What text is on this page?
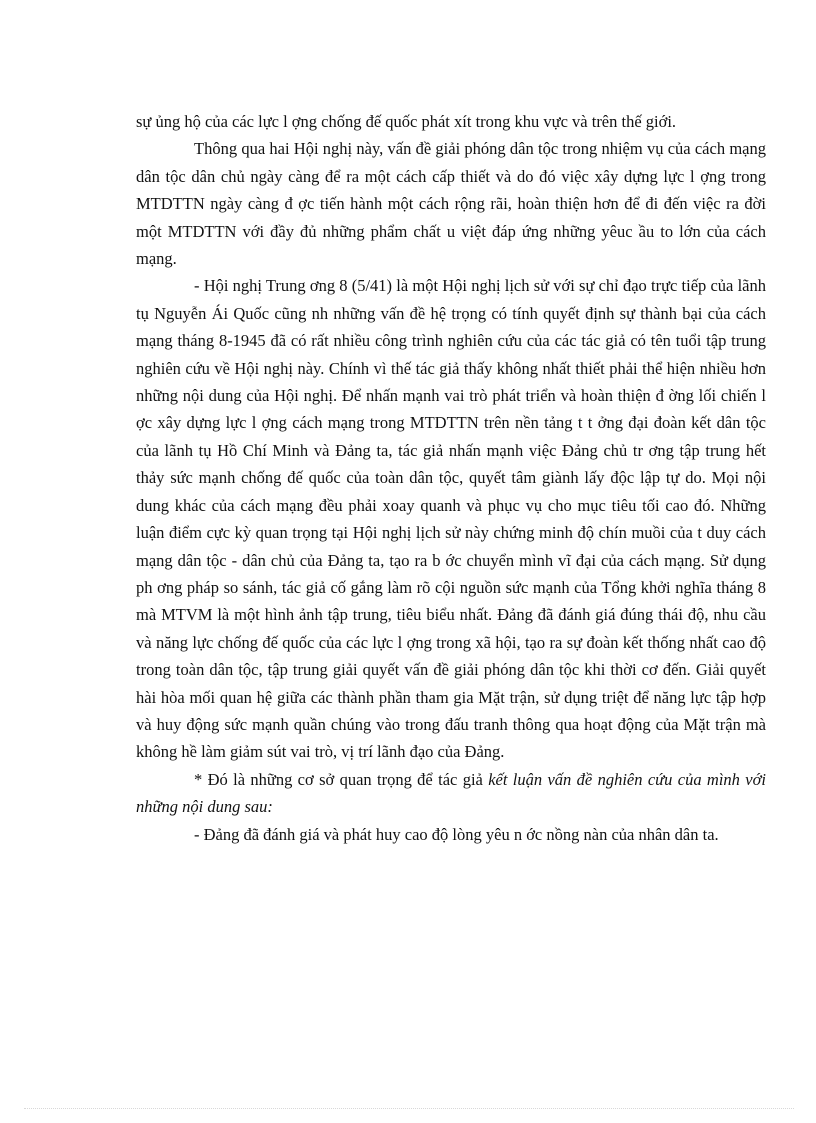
sự ủng hộ của các lực l ợng chống đế quốc phát xít trong khu vực và trên thế giới.

Thông qua hai Hội nghị này, vấn đề giải phóng dân tộc trong nhiệm vụ của cách mạng dân tộc dân chủ ngày càng để ra một cách cấp thiết và do đó việc xây dựng lực l ợng trong MTDTTN ngày càng đ ợc tiến hành một cách rộng rãi, hoàn thiện hơn để đi đến việc ra đời một MTDTTN với đầy đủ những phẩm chất u việt đáp ứng những yêuc ầu to lớn của cách mạng.

- Hội nghị Trung ơng 8 (5/41) là một Hội nghị lịch sử với sự chỉ đạo trực tiếp của lãnh tụ Nguyễn Ái Quốc cũng nh những vấn đề hệ trọng có tính quyết định sự thành bại của cách mạng tháng 8-1945 đã có rất nhiều công trình nghiên cứu của các tác giả có tên tuổi tập trung nghiên cứu về Hội nghị này. Chính vì thế tác giả thấy không nhất thiết phải thể hiện nhiều hơn những nội dung của Hội nghị. Để nhấn mạnh vai trò phát triển và hoàn thiện đ ờng lối chiến l ợc xây dựng lực l ợng cách mạng trong MTDTTN trên nền tảng t t ởng đại đoàn kết dân tộc của lãnh tụ Hồ Chí Minh và Đảng ta, tác giả nhấn mạnh việc Đảng chủ tr ơng tập trung hết thảy sức mạnh chống đế quốc của toàn dân tộc, quyết tâm giành lấy độc lập tự do. Mọi nội dung khác của cách mạng đều phải xoay quanh và phục vụ cho mục tiêu tối cao đó. Những luận điểm cực kỳ quan trọng tại Hội nghị lịch sử này chứng minh độ chín muồi của t duy cách mạng dân tộc - dân chủ của Đảng ta, tạo ra b ớc chuyển mình vĩ đại của cách mạng. Sử dụng ph ơng pháp so sánh, tác giả cố gắng làm rõ cội nguồn sức mạnh của Tổng khởi nghĩa tháng 8 mà MTVM là một hình ảnh tập trung, tiêu biểu nhất. Đảng đã đánh giá đúng thái độ, nhu cầu và năng lực chống đế quốc của các lực l ợng trong xã hội, tạo ra sự đoàn kết thống nhất cao độ trong toàn dân tộc, tập trung giải quyết vấn đề giải phóng dân tộc khi thời cơ đến. Giải quyết hài hòa mối quan hệ giữa các thành phần tham gia Mặt trận, sử dụng triệt để năng lực tập hợp và huy động sức mạnh quần chúng vào trong đấu tranh thông qua hoạt động của Mặt trận mà không hề làm giảm sút vai trò, vị trí lãnh đạo của Đảng.

* Đó là những cơ sở quan trọng để tác giả kết luận vấn đề nghiên cứu của mình với những nội dung sau:

- Đảng đã đánh giá và phát huy cao độ lòng yêu n ớc nồng nàn của nhân dân ta.
